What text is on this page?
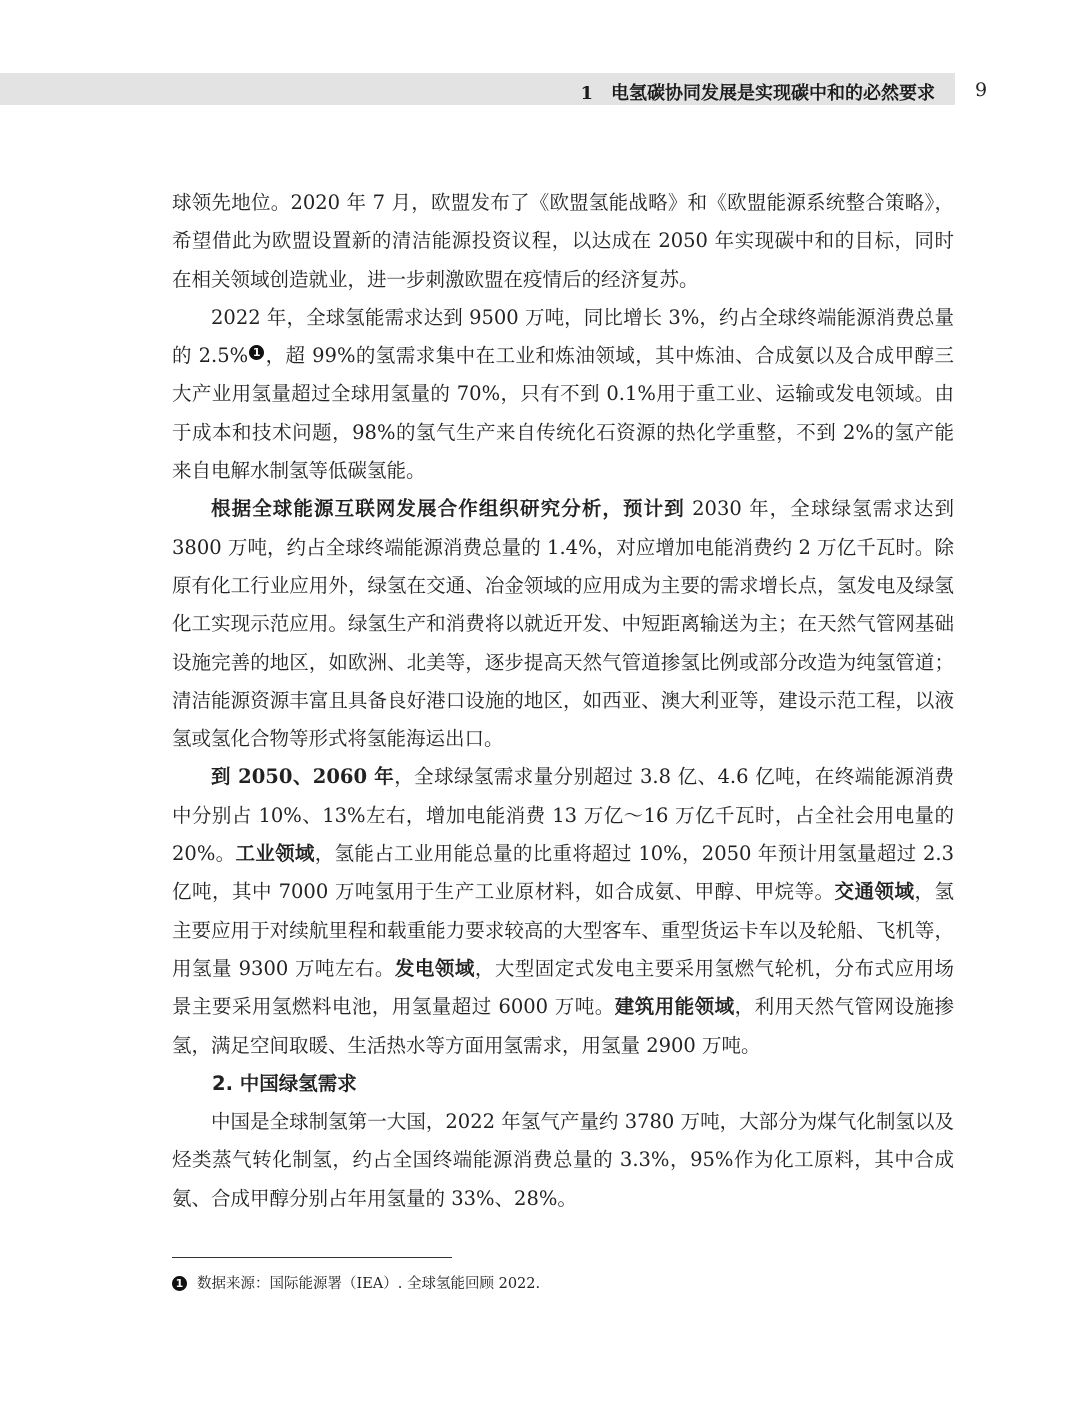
1　电氢碳协同发展是实现碳中和的必然要求 9

球领先地位。2020 年 7 月，欧盟发布了《欧盟氢能战略》和《欧盟能源系统整合策略》，希望借此为欧盟设置新的清洁能源投资议程，以达成在 2050 年实现碳中和的目标，同时在相关领域创造就业，进一步刺激欧盟在疫情后的经济复苏。

2022 年，全球氢能需求达到 9500 万吨，同比增长 3%，约占全球终端能源消费总量的 2.5% 1 ，超 99%的氢需求集中在工业和炼油领域，其中炼油、合成氨以及合成甲醇三大产业用氢量超过全球用氢量的 70%，只有不到 0.1%用于重工业、运输或发电领域。由于成本和技术问题，98%的氢气生产来自传统化石资源的热化学重整，不到 2%的氢产能来自电解水制氢等低碳氢能。

根据全球能源互联网发展合作组织研究分析，预计到 2030 年，全球绿氢需求达到 3800 万吨，约占全球终端能源消费总量的 1.4%，对应增加电能消费约 2 万亿千瓦时。除原有化工行业应用外，绿氢在交通、冶金领域的应用成为主要的需求增长点，氢发电及绿氢化工实现示范应用。绿氢生产和消费将以就近开发、中短距离输送为主；在天然气管网基础设施完善的地区，如欧洲、北美等，逐步提高天然气管道掺氢比例或部分改造为纯氢管道；清洁能源资源丰富且具备良好港口设施的地区，如西亚、澳大利亚等，建设示范工程，以液氢或氢化合物等形式将氢能海运出口。

到 2050、2060 年，全球绿氢需求量分别超过 3.8 亿、4.6 亿吨，在终端能源消费中分别占 10%、13%左右，增加电能消费 13 万亿～16 万亿千瓦时，占全社会用电量的 20%。工业领域，氢能占工业用能总量的比重将超过 10%，2050 年预计用氢量超过 2.3 亿吨，其中 7000 万吨氢用于生产工业原材料，如合成氨、甲醇、甲烷等。交通领域，氢主要应用于对续航里程和载重能力要求较高的大型客车、重型货运卡车以及轮船、飞机等，用氢量 9300 万吨左右。发电领域，大型固定式发电主要采用氢燃气轮机，分布式应用场景主要采用氢燃料电池，用氢量超过 6000 万吨。建筑用能领域，利用天然气管网设施掺氢，满足空间取暖、生活热水等方面用氢需求，用氢量 2900 万吨。

2. 中国绿氢需求

中国是全球制氢第一大国，2022 年氢气产量约 3780 万吨，大部分为煤气化制氢以及烃类蒸气转化制氢，约占全国终端能源消费总量的 3.3%，95%作为化工原料，其中合成氨、合成甲醇分别占年用氢量的 33%、28%。

1 数据来源：国际能源署（IEA）. 全球氢能回顾 2022.
